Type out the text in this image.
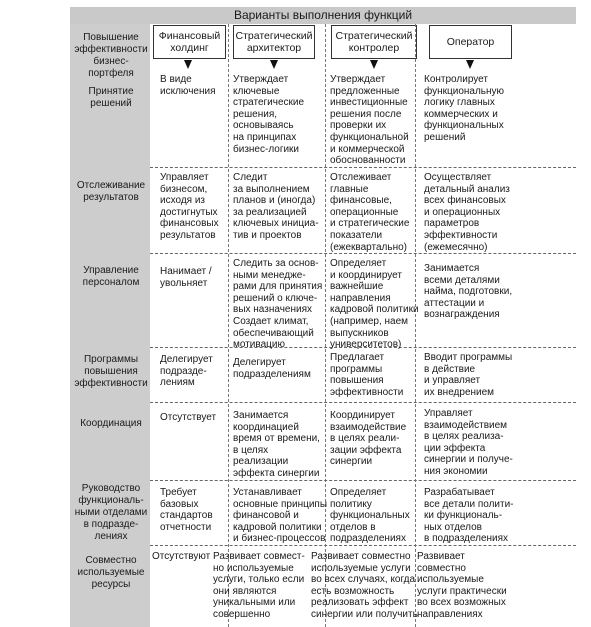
Варианты выполнения функций
Финансовый
холдинг
Стратегический
архитектор
Стратегический
контролер	Оператор
Повышение
эффективности
бизнес-
портфеля
Принятие
решений
Отслеживание
результатов
Управление
персоналом
Программы
повышения
эффективности
Координация
Руководство
функциональ-
ными отделами
в подразде-
лениях
Совместно
используемые
ресурсы
В виде
исключения
Утверждает
ключевые
стратегические
решения,
основываясь
на принципах
бизнес-логики
Утверждает
предложенные
инвестиционные
решения после
проверки их
функциональной
и коммерческой
обоснованности
Контролирует
функциональную
логику главных
коммерческих и
функциональных
решений
Управляет
бизнесом,
исходя из
достигнутых
финансовых
результатов
Следит
за выполнением
планов и (иногда)
за реализацией
ключевых инициа-
тив и проектов
Отслеживает
главные
финансовые,
операционные
и стратегические
показатели
(ежеквартально)
Осуществляет
детальный анализ
всех финансовых
и операционных
параметров
эффективности
(ежемесячно)
Нанимает /
увольняет
Следить за основ-
ными менедже-
рами для принятия
решений о ключе-
вых назначениях
Создает климат,
обеспечивающий
мотивацию
Определяет
и координирует
важнейшие
направления
кадровой политики
(например, наем
выпускников
университетов)
Занимается
всеми деталями
найма, подготовки,
аттестации и
вознаграждения
Делегирует
подразде-
лениям
Делегирует
подразделениям
Предлагает
программы
повышения
эффективности
Вводит программы
в действие
и управляет
их внедрением
Отсутствует Занимается
координацией
время от времени,
в целях
реализации
эффекта синергии
Координирует
взаимодействие
в целях реали-
зации эффекта
синергии
Управляет
взаимодействием
в целях реализа-
ции эффекта
синергии и получе-
ния экономии
Требует
базовых
стандартов
отчетности
Устанавливает
основные принципы
финансовой и
кадровой политики
и бизнес-процессов
Определяет
политику
функциональных
отделов в
подразделениях
Разрабатывает
все детали полити-
ки функциональ-
ных отделов
в подразделениях
Отсутствуют Развивает совмест-
но используемые
услуги, только если
они являются
уникальными или
совершенно
Развивает совместно
используемые услуги
во всех случаях, когда
есть возможность
реализовать эффект
синергии или получить
Развивает
совместно
используемые
услуги практически
во всех возможных
направлениях
